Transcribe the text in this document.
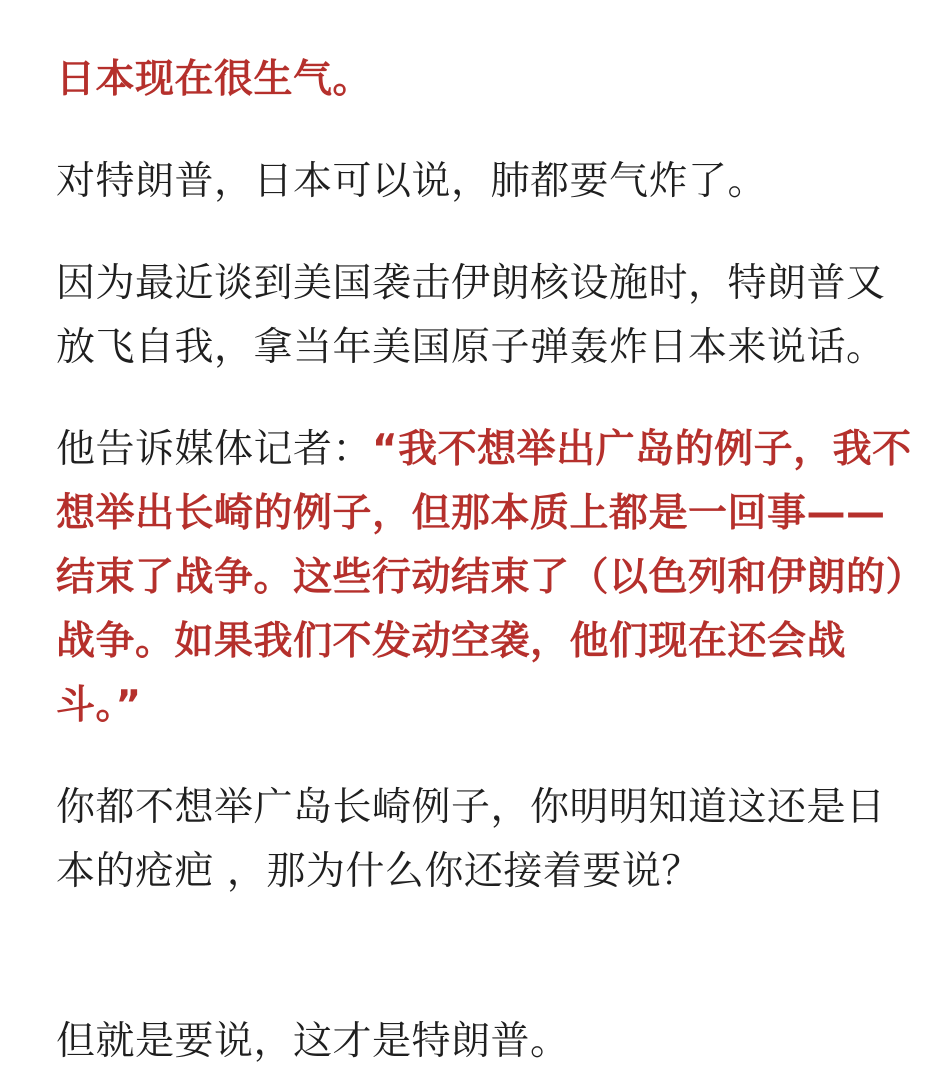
日本现在很生气。

对特朗普，日本可以说，肺都要气炸了。

因为最近谈到美国袭击伊朗核设施时，特朗普又放飞自我，拿当年美国原子弹轰炸日本来说话。

他告诉媒体记者：“我不想举出广岛的例子，我不想举出长崎的例子，但那本质上都是一回事——结束了战争。这些行动结束了（以色列和伊朗的）战争。如果我们不发动空袭，他们现在还会战斗。”

你都不想举广岛长崎例子，你明明知道这还是日本的疮疤 ，那为什么你还接着要说？

但就是要说，这才是特朗普。
